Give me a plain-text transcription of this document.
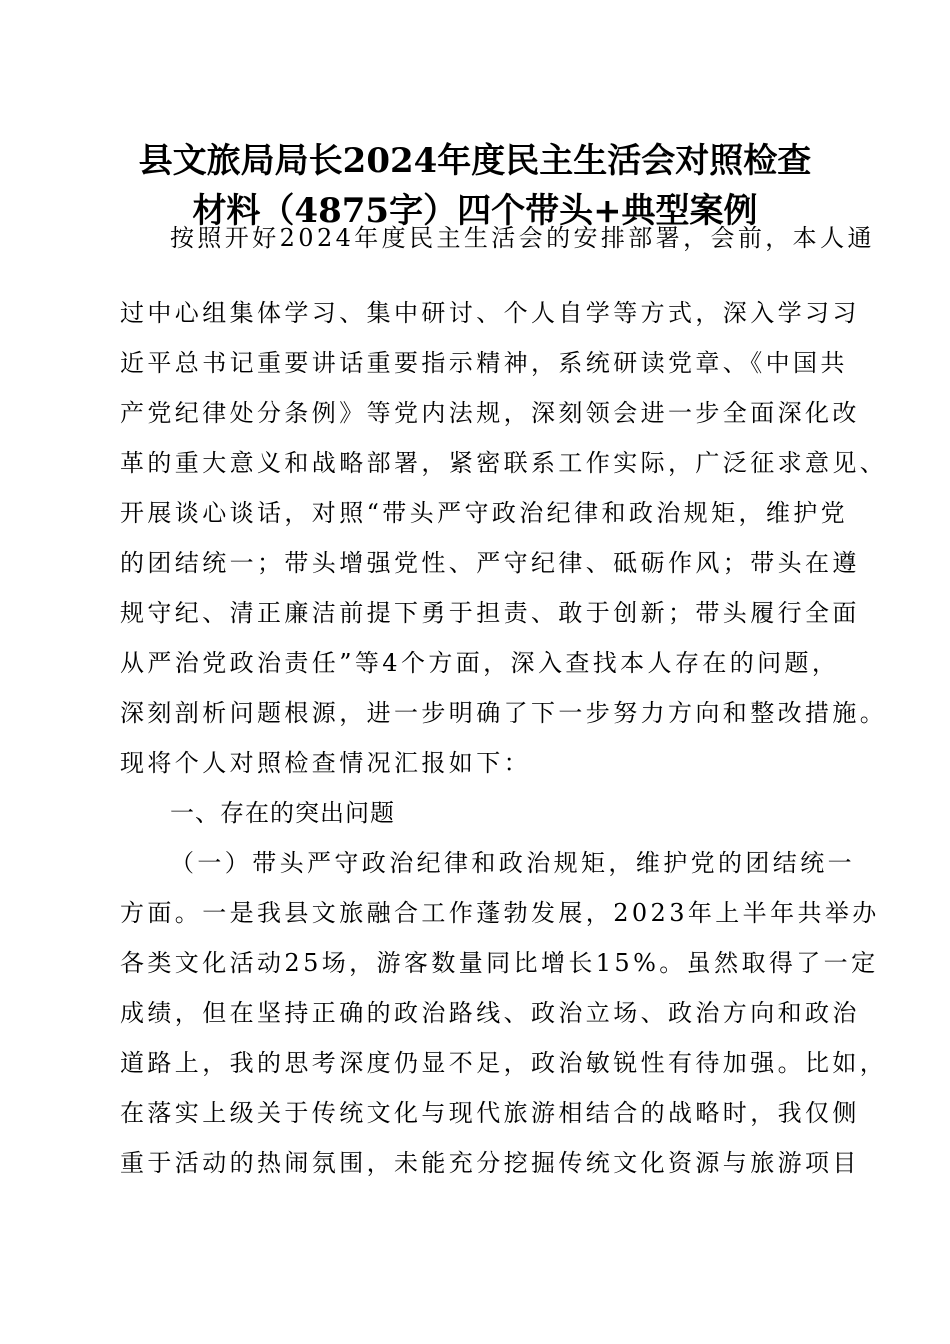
县文旅局局长2024年度民主生活会对照检查
材料（4875字）四个带头+典型案例
按照开好2024年度民主生活会的安排部署，会前，本人通
过中心组集体学习、集中研讨、个人自学等方式，深入学习习
近平总书记重要讲话重要指示精神，系统研读党章、《中国共
产党纪律处分条例》等党内法规，深刻领会进一步全面深化改
革的重大意义和战略部署，紧密联系工作实际，广泛征求意见、
开展谈心谈话，对照“带头严守政治纪律和政治规矩，维护党
的团结统一；带头增强党性、严守纪律、砥砺作风；带头在遵
规守纪、清正廉洁前提下勇于担责、敢于创新；带头履行全面
从严治党政治责任”等4个方面，深入查找本人存在的问题，
深刻剖析问题根源，进一步明确了下一步努力方向和整改措施。
现将个人对照检查情况汇报如下：
一、存在的突出问题
（一）带头严守政治纪律和政治规矩，维护党的团结统一
方面。一是我县文旅融合工作蓬勃发展，2023年上半年共举办
各类文化活动25场，游客数量同比增长15%。虽然取得了一定
成绩，但在坚持正确的政治路线、政治立场、政治方向和政治
道路上，我的思考深度仍显不足，政治敏锐性有待加强。比如，
在落实上级关于传统文化与现代旅游相结合的战略时，我仅侧
重于活动的热闹氛围，未能充分挖掘传统文化资源与旅游项目
